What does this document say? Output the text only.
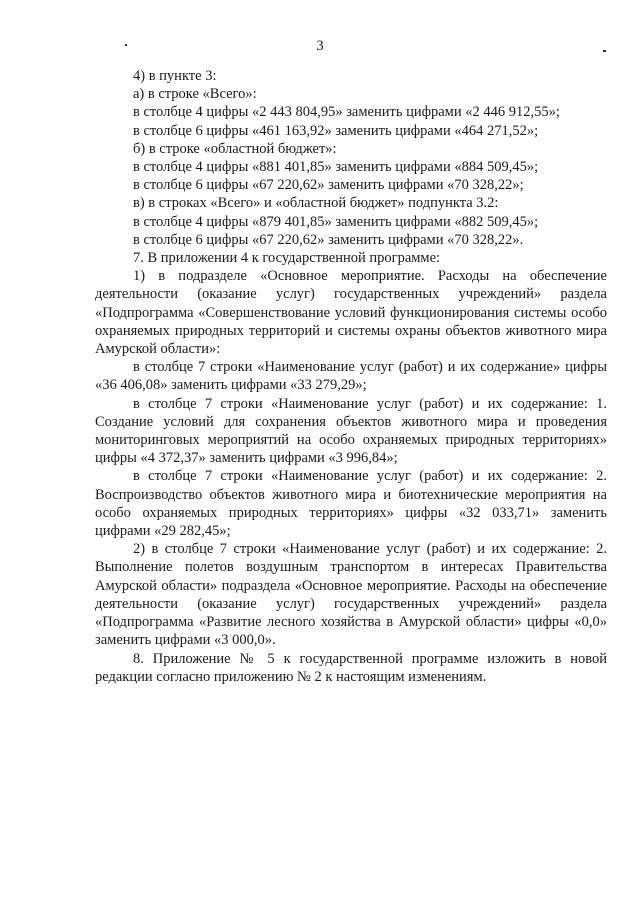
3

4) в пункте 3:

а) в строке «Всего»:

в столбце 4 цифры «2 443 804,95» заменить цифрами «2 446 912,55»;

в столбце 6 цифры «461 163,92» заменить цифрами «464 271,52»;

б) в строке «областной бюджет»:

в столбце 4 цифры «881 401,85» заменить цифрами «884 509,45»;

в столбце 6 цифры «67 220,62» заменить цифрами «70 328,22»;

в) в строках «Всего» и «областной бюджет» подпункта 3.2:

в столбце 4 цифры «879 401,85» заменить цифрами «882 509,45»;

в столбце 6 цифры «67 220,62» заменить цифрами «70 328,22».

7. В приложении 4 к государственной программе:

1) в подразделе «Основное мероприятие. Расходы на обеспечение деятельности (оказание услуг) государственных учреждений» раздела «Подпрограмма «Совершенствование условий функционирования системы особо охраняемых природных территорий и системы охраны объектов животного мира Амурской области»:

в столбце 7 строки «Наименование услуг (работ) и их содержание» цифры «36 406,08» заменить цифрами «33 279,29»;

в столбце 7 строки «Наименование услуг (работ) и их содержание: 1. Создание условий для сохранения объектов животного мира и проведения мониторинговых мероприятий на особо охраняемых природных территориях» цифры «4 372,37» заменить цифрами «3 996,84»;

в столбце 7 строки «Наименование услуг (работ) и их содержание: 2. Воспроизводство объектов животного мира и биотехнические мероприятия на особо охраняемых природных территориях» цифры «32 033,71» заменить цифрами «29 282,45»;

2) в столбце 7 строки «Наименование услуг (работ) и их содержание: 2. Выполнение полетов воздушным транспортом в интересах Правительства Амурской области» подраздела «Основное мероприятие. Расходы на обеспечение деятельности (оказание услуг) государственных учреждений» раздела «Подпрограмма «Развитие лесного хозяйства в Амурской области» цифры «0,0» заменить цифрами «3 000,0».

8. Приложение № 5 к государственной программе изложить в новой редакции согласно приложению № 2 к настоящим изменениям.
